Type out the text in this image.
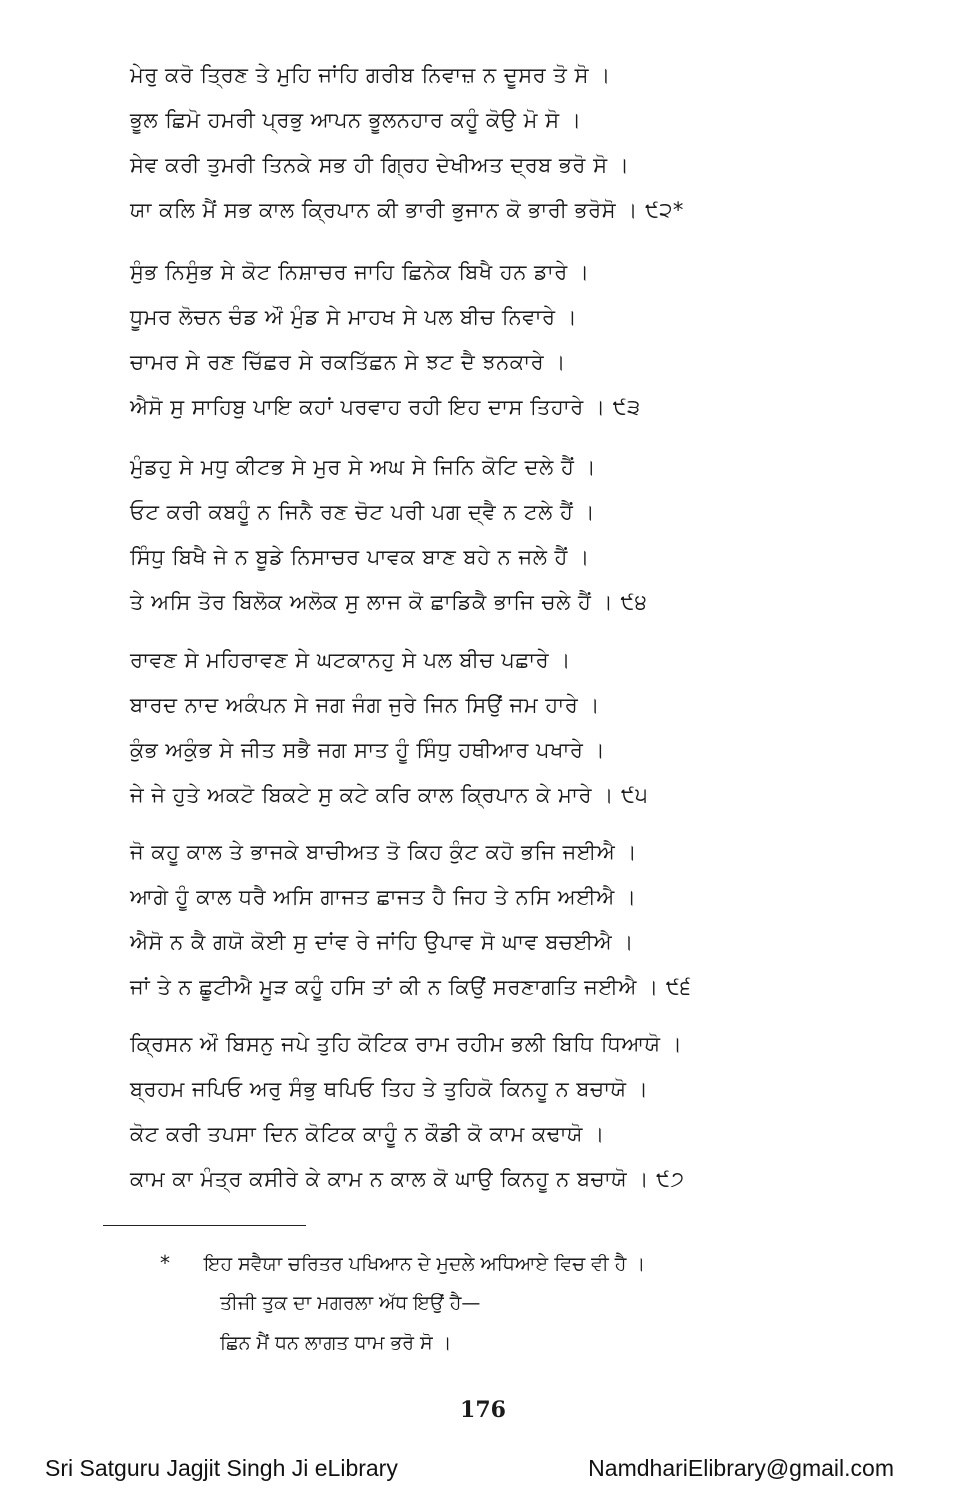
ਮੇਰੁ ਕਰੋ ਤ੍ਰਿਣ ਤੇ ਮੁਹਿ ਜਾਂਹਿ ਗਰੀਬ ਨਿਵਾਜ਼ ਨ ਦੂਸਰ ਤੋ ਸੋ ।
ਭੂਲ ਛਿਮੋ ਹਮਰੀ ਪ੍ਰਭੁ ਆਪਨ ਭੂਲਨਹਾਰ ਕਹੂੰ ਕੋਉ ਮੋ ਸੋ ।
ਸੇਵ ਕਰੀ ਤੁਮਰੀ ਤਿਨਕੇ ਸਭ ਹੀ ਗ੍ਰਿਹ ਦੇਖੀਅਤ ਦ੍ਰਬ ਭਰੋ ਸੋ ।
ਯਾ ਕਲਿ ਮੈਂ ਸਭ ਕਾਲ ਕ੍ਰਿਪਾਨ ਕੀ ਭਾਰੀ ਭੁਜਾਨ ਕੋ ਭਾਰੀ ਭਰੋਸੋ । ੯੨*
ਸੁੰਭ ਨਿਸੁੰਭ ਸੇ ਕੋਟ ਨਿਸ਼ਾਚਰ ਜਾਹਿ ਛਿਨੇਕ ਬਿਖੈ ਹਨ ਡਾਰੇ ।
ਧੂਮਰ ਲੋਚਨ ਚੰਡ ਔ ਮੁੰਡ ਸੇ ਮਾਹਖ ਸੇ ਪਲ ਬੀਚ ਨਿਵਾਰੇ ।
ਚਾਮਰ ਸੇ ਰਣ ਚਿੱਛਰ ਸੇ ਰਕਤਿੱਛਨ ਸੇ ਝਟ ਦੈ ਝਨਕਾਰੇ ।
ਐਸੋ ਸੁ ਸਾਹਿਬੁ ਪਾਇ ਕਹਾਂ ਪਰਵਾਹ ਰਹੀ ਇਹ ਦਾਸ ਤਿਹਾਰੇ । ੯੩
ਮੁੰਡਹੁ ਸੇ ਮਧੁ ਕੀਟਭ ਸੇ ਮੁਰ ਸੇ ਅਘ ਸੇ ਜਿਨਿ ਕੋਟਿ ਦਲੇ ਹੈਂ ।
ਓਟ ਕਰੀ ਕਬਹੂੰ ਨ ਜਿਨੈ ਰਣ ਚੋਟ ਪਰੀ ਪਗ ਦ੍ਵੈ ਨ ਟਲੇ ਹੈਂ ।
ਸਿੰਧੁ ਬਿਖੈ ਜੇ ਨ ਬੂਡੇ ਨਿਸਾਚਰ ਪਾਵਕ ਬਾਣ ਬਹੇ ਨ ਜਲੇ ਹੈਂ ।
ਤੇ ਅਸਿ ਤੋਰ ਬਿਲੋਕ ਅਲੋਕ ਸੁ ਲਾਜ ਕੋ ਛਾਡਿਕੈ ਭਾਜਿ ਚਲੇ ਹੈਂ । ੯੪
ਰਾਵਣ ਸੇ ਮਹਿਰਾਵਣ ਸੇ ਘਟਕਾਨਹੁ ਸੇ ਪਲ ਬੀਚ ਪਛਾਰੇ ।
ਬਾਰਦ ਨਾਦ ਅਕੰਪਨ ਸੇ ਜਗ ਜੰਗ ਜੁਰੇ ਜਿਨ ਸਿਉਂ ਜਮ ਹਾਰੇ ।
ਕੁੰਭ ਅਕੁੰਭ ਸੇ ਜੀਤ ਸਭੈ ਜਗ ਸਾਤ ਹੂੰ ਸਿੰਧੁ ਹਥੀਆਰ ਪਖਾਰੇ ।
ਜੇ ਜੇ ਹੁਤੇ ਅਕਟੋ ਬਿਕਟੇ ਸੁ ਕਟੇ ਕਰਿ ਕਾਲ ਕ੍ਰਿਪਾਨ ਕੇ ਮਾਰੇ । ੯੫
ਜੋ ਕਹੂ ਕਾਲ ਤੇ ਭਾਜਕੇ ਬਾਚੀਅਤ ਤੋ ਕਿਹ ਕੁੰਟ ਕਹੋ ਭਜਿ ਜਈਐ ।
ਆਗੇ ਹੂੰ ਕਾਲ ਧਰੈ ਅਸਿ ਗਾਜਤ ਛਾਜਤ ਹੈ ਜਿਹ ਤੇ ਨਸਿ ਅਈਐ ।
ਐਸੋ ਨ ਕੈ ਗਯੋ ਕੋਈ ਸੁ ਦਾਂਵ ਰੇ ਜਾਂਹਿ ਉਪਾਵ ਸੋ ਘਾਵ ਬਚਈਐ ।
ਜਾਂ ਤੇ ਨ ਛੂਟੀਐ ਮੂੜ ਕਹੂੰ ਹਸਿ ਤਾਂ ਕੀ ਨ ਕਿਉਂ ਸਰਣਾਗਤਿ ਜਈਐ । ੯੬
ਕ੍ਰਿਸਨ ਔ ਬਿਸਨੁ ਜਪੇ ਤੁਹਿ ਕੋਟਿਕ ਰਾਮ ਰਹੀਮ ਭਲੀ ਬਿਧਿ ਧਿਆਯੋ ।
ਬ੍ਰਹਮ ਜਪਿਓ ਅਰੁ ਸੰਭੁ ਥਪਿਓ ਤਿਹ ਤੇ ਤੁਹਿਕੋ ਕਿਨਹੂ ਨ ਬਚਾਯੋ ।
ਕੋਟ ਕਰੀ ਤਪਸਾ ਦਿਨ ਕੋਟਿਕ ਕਾਹੂੰ ਨ ਕੌਡੀ ਕੋ ਕਾਮ ਕਢਾਯੋ ।
ਕਾਮ ਕਾ ਮੰਤ੍ਰ ਕਸੀਰੇ ਕੇ ਕਾਮ ਨ ਕਾਲ ਕੋ ਘਾਉ ਕਿਨਹੂ ਨ ਬਚਾਯੋ । ੯੭
* ਇਹ ਸਵੈਯਾ ਚਰਿਤਰ ਪਖਿਆਨ ਦੇ ਮੁਦਲੇ ਅਧਿਆਏ ਵਿਚ ਵੀ ਹੈ ।
ਤੀਜੀ ਤੁਕ ਦਾ ਮਗਰਲਾ ਅੱਧ ਇਉਂ ਹੈ—
ਛਿਨ ਮੈਂ ਧਨ ਲਾਗਤ ਧਾਮ ਭਰੋ ਸੋ ।
176
Sri Satguru Jagjit Singh Ji eLibrary	NamdhariElibrary@gmail.com
